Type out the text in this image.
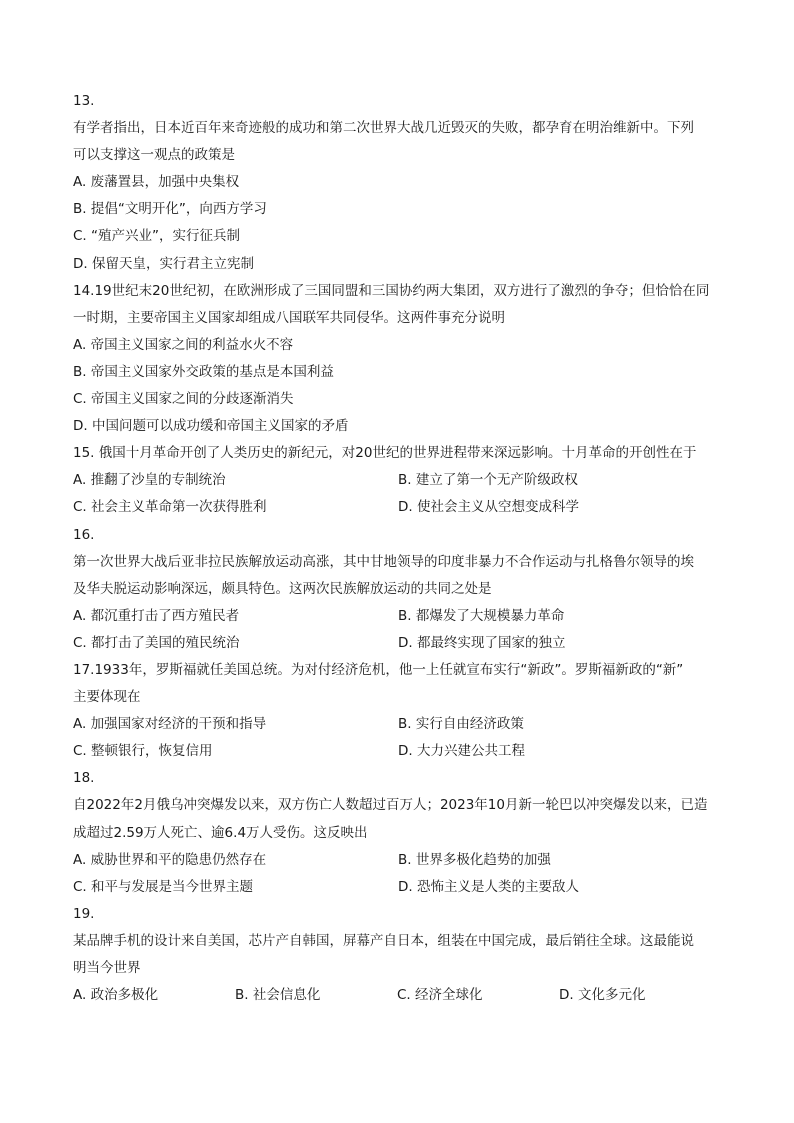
13.
有学者指出，日本近百年来奇迹般的成功和第二次世界大战几近毁灭的失败，都孕育在明治维新中。下列
可以支撑这一观点的政策是
A. 废藩置县，加强中央集权
B. 提倡“文明开化”，向西方学习
C. “殖产兴业”，实行征兵制
D. 保留天皇，实行君主立宪制
14.19世纪末20世纪初，在欧洲形成了三国同盟和三国协约两大集团，双方进行了激烈的争夺；但恰恰在同
一时期，主要帝国主义国家却组成八国联军共同侵华。这两件事充分说明
A. 帝国主义国家之间的利益水火不容
B. 帝国主义国家外交政策的基点是本国利益
C. 帝国主义国家之间的分歧逐渐消失
D. 中国问题可以成功缓和帝国主义国家的矛盾
15. 俄国十月革命开创了人类历史的新纪元，对20世纪的世界进程带来深远影响。十月革命的开创性在于
A. 推翻了沙皇的专制统治	B. 建立了第一个无产阶级政权
C. 社会主义革命第一次获得胜利	D. 使社会主义从空想变成科学
16.
第一次世界大战后亚非拉民族解放运动高涨，其中甘地领导的印度非暴力不合作运动与扎格鲁尔领导的埃
及华夫脱运动影响深远，颇具特色。这两次民族解放运动的共同之处是
A. 都沉重打击了西方殖民者	B. 都爆发了大规模暴力革命
C. 都打击了美国的殖民统治	D. 都最终实现了国家的独立
17.1933年，罗斯福就任美国总统。为对付经济危机，他一上任就宣布实行“新政”。罗斯福新政的“新”
主要体现在
A. 加强国家对经济的干预和指导	B. 实行自由经济政策
C. 整顿银行，恢复信用	D. 大力兴建公共工程
18.
自2022年2月俄乌冲突爆发以来，双方伤亡人数超过百万人；2023年10月新一轮巴以冲突爆发以来，已造
成超过2.59万人死亡、逾6.4万人受伤。这反映出
A. 威胁世界和平的隐患仍然存在	B. 世界多极化趋势的加强
C. 和平与发展是当今世界主题	D. 恐怖主义是人类的主要敌人
19.
某品牌手机的设计来自美国，芯片产自韩国，屏幕产自日本，组装在中国完成，最后销往全球。这最能说
明当今世界
A. 政治多极化	B. 社会信息化	C. 经济全球化	D. 文化多元化
